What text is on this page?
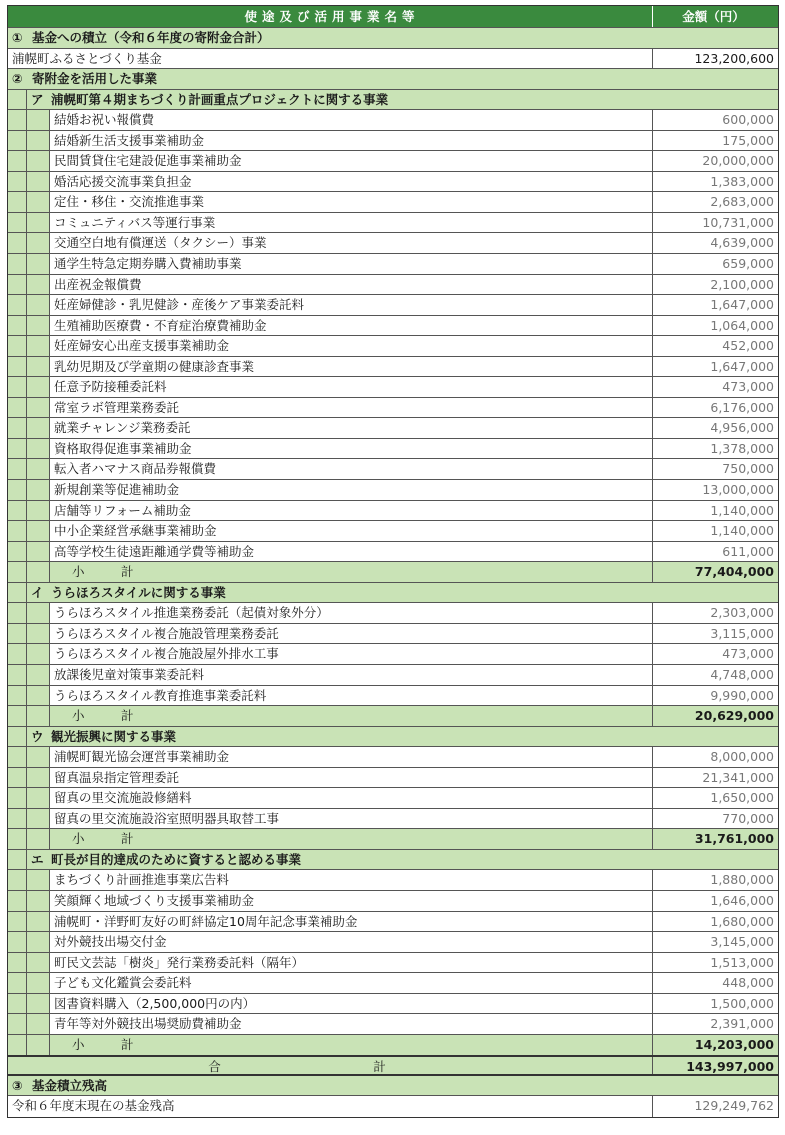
使途及び活用事業名等	金額（円）
① 基金への積立（令和６年度の寄附金合計）
浦幌町ふるさとづくり基金	123,200,600
② 寄附金を活用した事業
ア 浦幌町第４期まちづくり計画重点プロジェクトに関する事業
結婚お祝い報償費	600,000
結婚新生活支援事業補助金	175,000
民間賃貸住宅建設促進事業補助金	20,000,000
婚活応援交流事業負担金	1,383,000
定住・移住・交流推進事業	2,683,000
コミュニティバス等運行事業	10,731,000
交通空白地有償運送（タクシー）事業	4,639,000
通学生特急定期券購入費補助事業	659,000
出産祝金報償費	2,100,000
妊産婦健診・乳児健診・産後ケア事業委託料	1,647,000
生殖補助医療費・不育症治療費補助金	1,064,000
妊産婦安心出産支援事業補助金	452,000
乳幼児期及び学童期の健康診査事業	1,647,000
任意予防接種委託料	473,000
常室ラボ管理業務委託	6,176,000
就業チャレンジ業務委託	4,956,000
資格取得促進事業補助金	1,378,000
転入者ハマナス商品券報償費	750,000
新規創業等促進補助金	13,000,000
店舗等リフォーム補助金	1,140,000
中小企業経営承継事業補助金	1,140,000
高等学校生徒遠距離通学費等補助金	611,000
小　計	77,404,000
イ うらほろスタイルに関する事業
うらほろスタイル推進業務委託（起債対象外分）	2,303,000
うらほろスタイル複合施設管理業務委託	3,115,000
うらほろスタイル複合施設屋外排水工事	473,000
放課後児童対策事業委託料	4,748,000
うらほろスタイル教育推進事業委託料	9,990,000
小　計	20,629,000
ウ 観光振興に関する事業
浦幌町観光協会運営事業補助金	8,000,000
留真温泉指定管理委託	21,341,000
留真の里交流施設修繕料	1,650,000
留真の里交流施設浴室照明器具取替工事	770,000
小　計	31,761,000
エ 町長が目的達成のために資すると認める事業
まちづくり計画推進事業広告料	1,880,000
笑顔輝く地域づくり支援事業補助金	1,646,000
浦幌町・洋野町友好の町絆協定10周年記念事業補助金	1,680,000
対外競技出場交付金	3,145,000
町民文芸誌「樹炎」発行業務委託料（隔年）	1,513,000
子ども文化鑑賞会委託料	448,000
図書資料購入（2,500,000円の内）	1,500,000
青年等対外競技出場奨励費補助金	2,391,000
小　計	14,203,000
合　計	143,997,000
③ 基金積立残高
令和６年度末現在の基金残高	129,249,762
